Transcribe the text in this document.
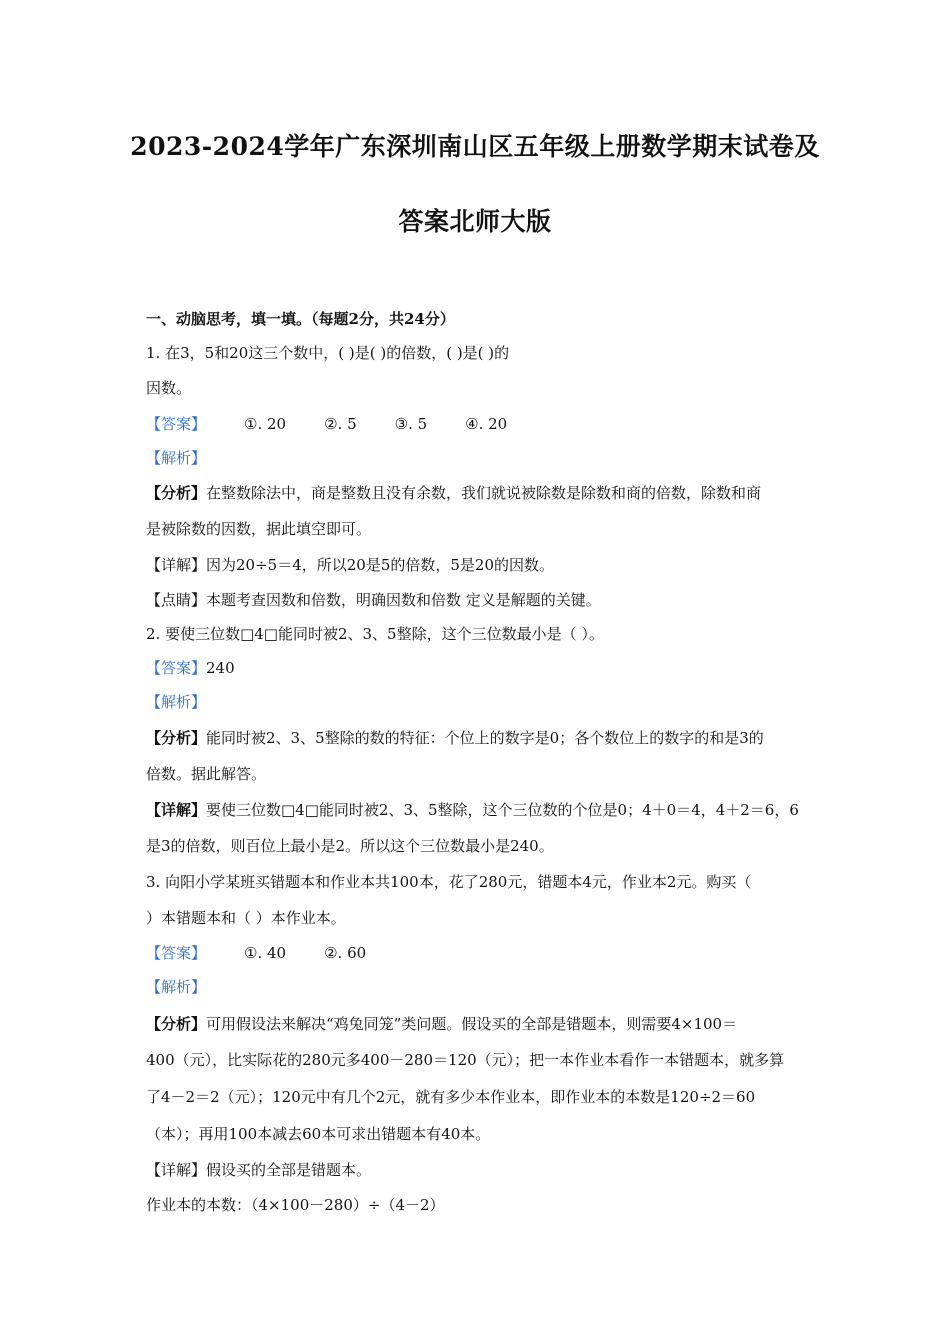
2023-2024学年广东深圳南山区五年级上册数学期末试卷及
答案北师大版
一、动脑思考，填一填。（每题2分，共24分）
1. 在3，5和20这三个数中，( )是( )的倍数，( )是( )的
因数。
【答案】	①. 20	②. 5	③. 5	④. 20
【解析】
【分析】在整数除法中，商是整数且没有余数，我们就说被除数是除数和商的倍数，除数和商
是被除数的因数，据此填空即可。
【详解】因为20÷5＝4，所以20是5的倍数，5是20的因数。
【点睛】本题考查因数和倍数，明确因数和倍数 定义是解题的关键。
2. 要使三位数□4□能同时被2、3、5整除，这个三位数最小是（ ）。
【答案】240
【解析】
【分析】能同时被2、3、5整除的数的特征：个位上的数字是0；各个数位上的数字的和是3的
倍数。据此解答。
【详解】要使三位数□4□能同时被2、3、5整除，这个三位数的个位是0；4＋0＝4，4＋2＝6，6
是3的倍数，则百位上最小是2。所以这个三位数最小是240。
3. 向阳小学某班买错题本和作业本共100本，花了280元，错题本4元，作业本2元。购买（
）本错题本和（ ）本作业本。
【答案】	①. 40	②. 60
【解析】
【分析】可用假设法来解决“鸡兔同笼”类问题。假设买的全部是错题本，则需要4×100＝
400（元），比实际花的280元多400－280＝120（元）；把一本作业本看作一本错题本，就多算
了4－2＝2（元）；120元中有几个2元，就有多少本作业本，即作业本的本数是120÷2＝60
（本）；再用100本减去60本可求出错题本有40本。
【详解】假设买的全部是错题本。
作业本的本数：（4×100－280）÷（4－2）
